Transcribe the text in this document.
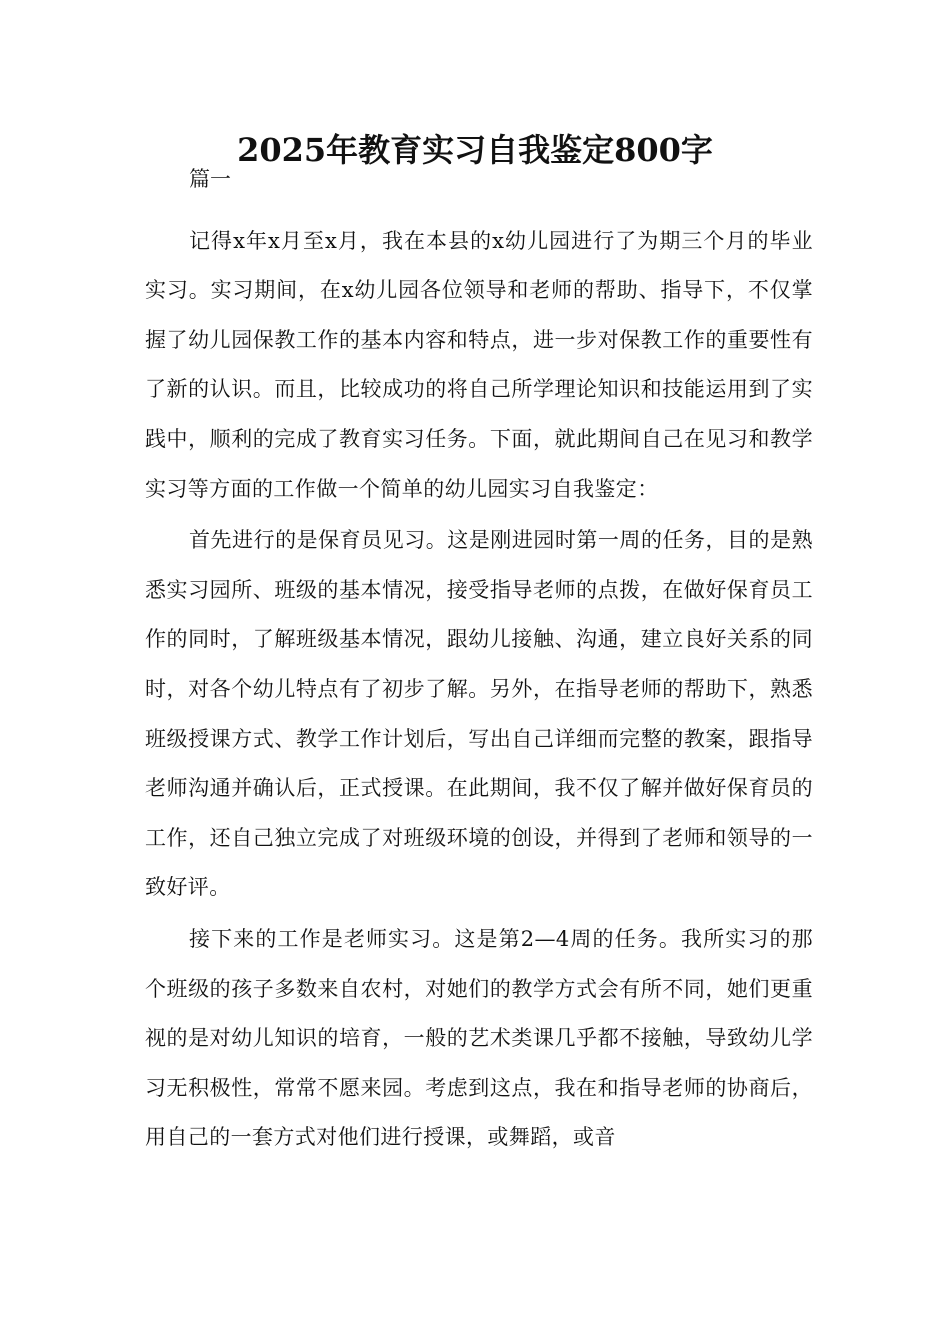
2025年教育实习自我鉴定800字

篇一

记得x年x月至x月，我在本县的x幼儿园进行了为期三个月的毕业实习。实习期间，在x幼儿园各位领导和老师的帮助、指导下，不仅掌握了幼儿园保教工作的基本内容和特点，进一步对保教工作的重要性有了新的认识。而且，比较成功的将自己所学理论知识和技能运用到了实践中，顺利的完成了教育实习任务。下面，就此期间自己在见习和教学实习等方面的工作做一个简单的幼儿园实习自我鉴定：

首先进行的是保育员见习。这是刚进园时第一周的任务，目的是熟悉实习园所、班级的基本情况，接受指导老师的点拨，在做好保育员工作的同时，了解班级基本情况，跟幼儿接触、沟通，建立良好关系的同时，对各个幼儿特点有了初步了解。另外，在指导老师的帮助下，熟悉班级授课方式、教学工作计划后，写出自己详细而完整的教案，跟指导老师沟通并确认后，正式授课。在此期间，我不仅了解并做好保育员的工作，还自己独立完成了对班级环境的创设，并得到了老师和领导的一致好评。

接下来的工作是老师实习。这是第2—4周的任务。我所实习的那个班级的孩子多数来自农村，对她们的教学方式会有所不同，她们更重视的是对幼儿知识的培育，一般的艺术类课几乎都不接触，导致幼儿学习无积极性，常常不愿来园。考虑到这点，我在和指导老师的协商后，用自己的一套方式对他们进行授课，或舞蹈，或音
